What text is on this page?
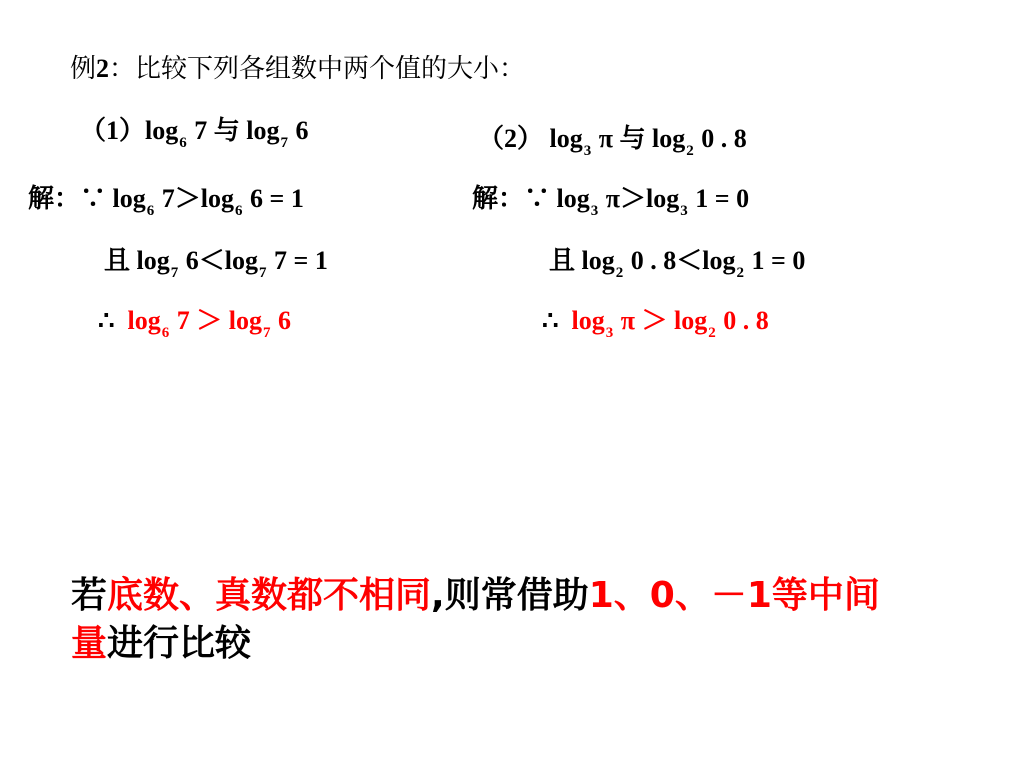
例2：比较下列各组数中两个值的大小：
$(1)\log_6$ 7 与 $\log_7 6$	（2） $\log_3 \pi$ 与 $\log_2 0$ . 8
解：∵ $\log_6 7>\log_6$ 6 = 1
且 $\log_7 6<\log_7$ 7 = 1
∴ $\log_6 7 > \log_7 6$
解：∵ $\log_3 \pi>\log_3$ 1 = 0
且 $\log_2 0$ . $8<\log_2$ 1 = 0
∴ $\log_3 \pi > \log_2 0$ . 8
若底数、真数都不相同,则常借助1、0、－1等中间
量进行比较
